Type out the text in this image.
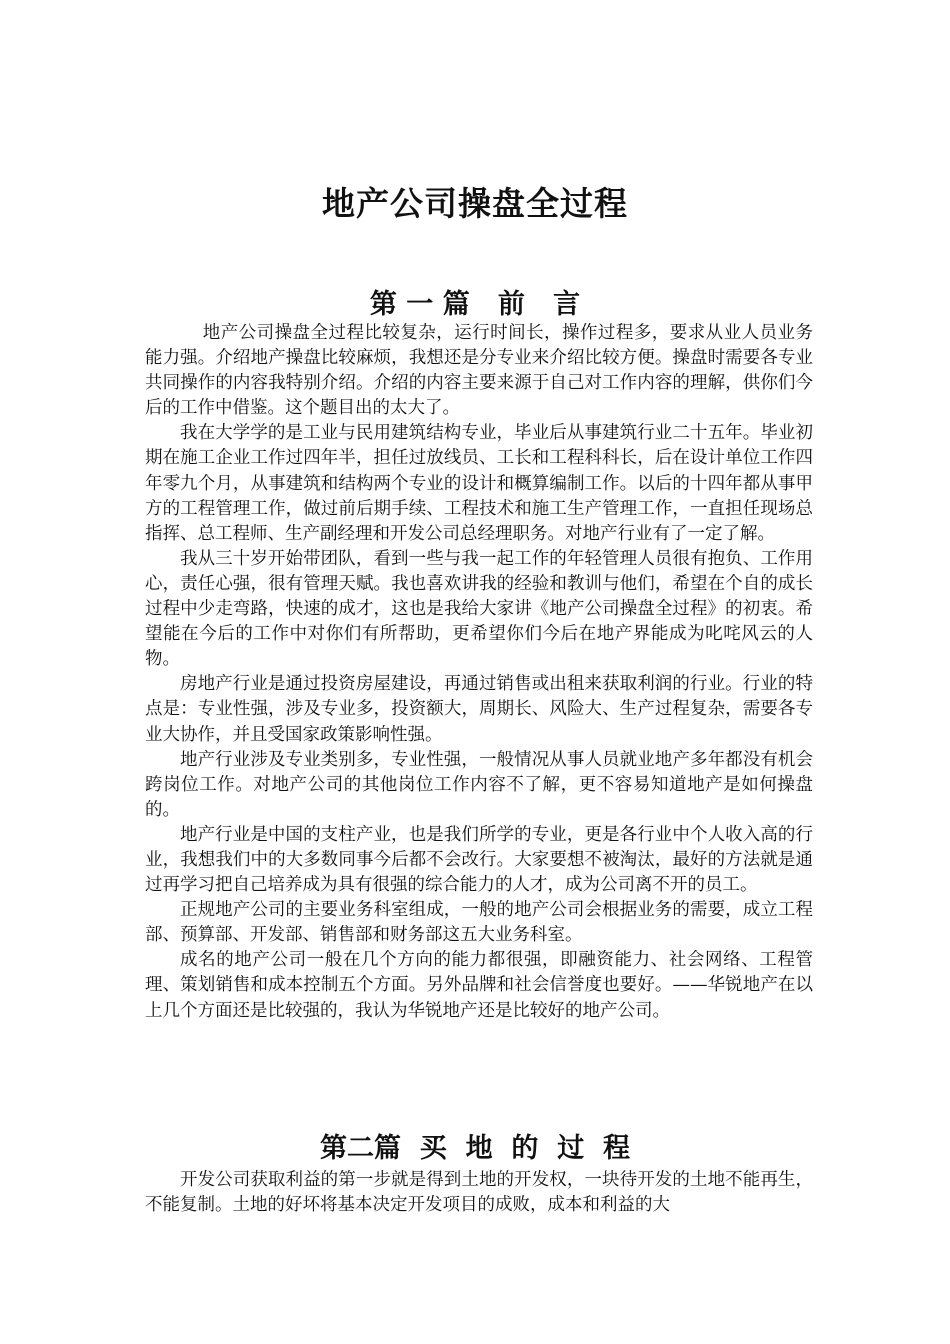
地产公司操盘全过程
第 一 篇   前   言

地产公司操盘全过程比较复杂，运行时间长，操作过程多，要求从业人员业务能力强。介绍地产操盘比较麻烦，我想还是分专业来介绍比较方便。操盘时需要各专业共同操作的内容我特别介绍。介绍的内容主要来源于自己对工作内容的理解，供你们今后的工作中借鉴。这个题目出的太大了。

我在大学学的是工业与民用建筑结构专业，毕业后从事建筑行业二十五年。毕业初期在施工企业工作过四年半，担任过放线员、工长和工程科科长，后在设计单位工作四年零九个月，从事建筑和结构两个专业的设计和概算编制工作。以后的十四年都从事甲方的工程管理工作，做过前后期手续、工程技术和施工生产管理工作，一直担任现场总指挥、总工程师、生产副经理和开发公司总经理职务。对地产行业有了一定了解。

我从三十岁开始带团队，看到一些与我一起工作的年轻管理人员很有抱负、工作用心，责任心强，很有管理天赋。我也喜欢讲我的经验和教训与他们，希望在个自的成长过程中少走弯路，快速的成才，这也是我给大家讲《地产公司操盘全过程》的初衷。希望能在今后的工作中对你们有所帮助，更希望你们今后在地产界能成为叱咤风云的人物。

房地产行业是通过投资房屋建设，再通过销售或出租来获取利润的行业。行业的特点是：专业性强，涉及专业多，投资额大，周期长、风险大、生产过程复杂，需要各专业大协作，并且受国家政策影响性强。

地产行业涉及专业类别多，专业性强，一般情况从事人员就业地产多年都没有机会跨岗位工作。对地产公司的其他岗位工作内容不了解，更不容易知道地产是如何操盘的。

地产行业是中国的支柱产业，也是我们所学的专业，更是各行业中个人收入高的行业，我想我们中的大多数同事今后都不会改行。大家要想不被淘汰，最好的方法就是通过再学习把自己培养成为具有很强的综合能力的人才，成为公司离不开的员工。

正规地产公司的主要业务科室组成，一般的地产公司会根据业务的需要，成立工程部、预算部、开发部、销售部和财务部这五大业务科室。

成名的地产公司一般在几个方向的能力都很强，即融资能力、社会网络、工程管理、策划销售和成本控制五个方面。另外品牌和社会信誉度也要好。——华锐地产在以上几个方面还是比较强的，我认为华锐地产还是比较好的地产公司。

第二篇  买  地  的  过  程

开发公司获取利益的第一步就是得到土地的开发权，一块待开发的土地不能再生，不能复制。土地的好坏将基本决定开发项目的成败，成本和利益的大
